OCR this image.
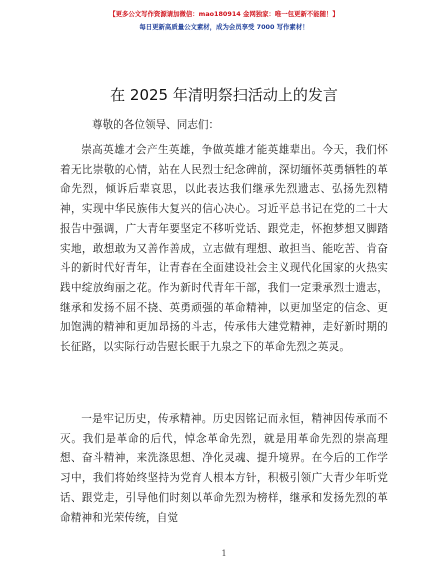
【更多公文写作资源请加微信：mao180914 金网独家：唯一包更新不能随！】
每日更新高质量公文素材，成为会员享受 7000 写作素材！
在 2025 年清明祭扫活动上的发言
尊敬的各位领导、同志们：
崇高英雄才会产生英雄，争做英雄才能英雄辈出。今天，我们怀着无比崇敬的心情，站在人民烈士纪念碑前，深切缅怀英勇牺牲的革命先烈，倾诉后辈哀思，以此表达我们继承先烈遗志、弘扬先烈精神，实现中华民族伟大复兴的信心决心。习近平总书记在党的二十大报告中强调，广大青年要坚定不移听党话、跟党走，怀抱梦想又脚踏实地，敢想敢为又善作善成，立志做有理想、敢担当、能吃苦、肯奋斗的新时代好青年，让青春在全面建设社会主义现代化国家的火热实践中绽放绚丽之花。作为新时代青年干部，我们一定秉承烈士遗志，继承和发扬不屈不挠、英勇顽强的革命精神，以更加坚定的信念、更加饱满的精神和更加昂扬的斗志，传承伟大建党精神，走好新时期的长征路，以实际行动告慰长眠于九泉之下的革命先烈之英灵。
一是牢记历史，传承精神。历史因铭记而永恒，精神因传承而不灭。我们是革命的后代，悼念革命先烈，就是用革命先烈的崇高理想、奋斗精神，来洗涤思想、净化灵魂、提升境界。在今后的工作学习中，我们将始终坚持为党育人根本方针，积极引领广大青少年听党话、跟党走，引导他们时刻以革命先烈为榜样，继承和发扬先烈的革命精神和光荣传统，自觉
1
